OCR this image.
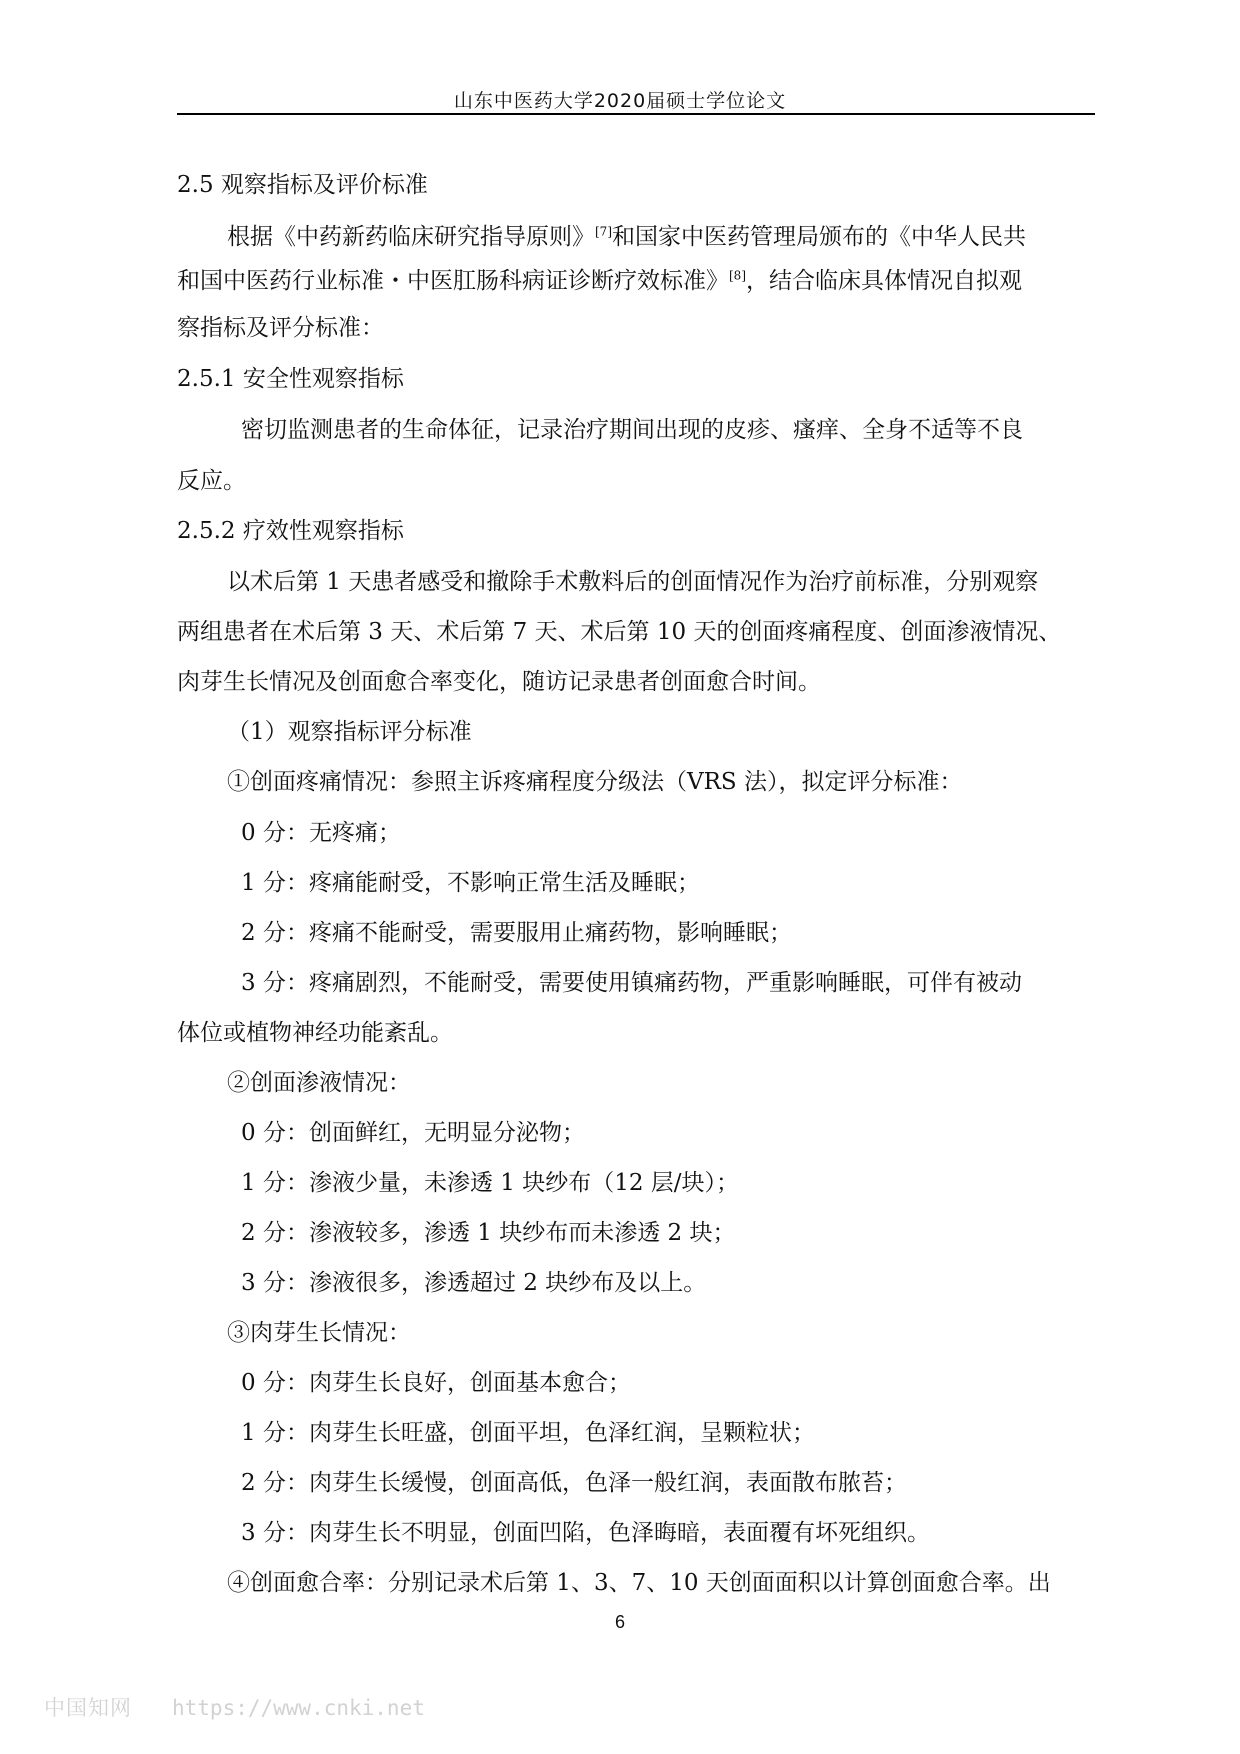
山东中医药大学2020届硕士学位论文
2.5 观察指标及评价标准
根据《中药新药临床研究指导原则》[7]和国家中医药管理局颁布的《中华人民共
和国中医药行业标准・中医肛肠科病证诊断疗效标准》[8]，结合临床具体情况自拟观
察指标及评分标准：
2.5.1 安全性观察指标
密切监测患者的生命体征，记录治疗期间出现的皮疹、瘙痒、全身不适等不良
反应。
2.5.2 疗效性观察指标
以术后第 1 天患者感受和撤除手术敷料后的创面情况作为治疗前标准，分别观察
两组患者在术后第 3 天、术后第 7 天、术后第 10 天的创面疼痛程度、创面渗液情况、
肉芽生长情况及创面愈合率变化，随访记录患者创面愈合时间。
（1）观察指标评分标准
①创面疼痛情况：参照主诉疼痛程度分级法（VRS 法），拟定评分标准：
0 分：无疼痛；
1 分：疼痛能耐受，不影响正常生活及睡眠；
2 分：疼痛不能耐受，需要服用止痛药物，影响睡眠；
3 分：疼痛剧烈，不能耐受，需要使用镇痛药物，严重影响睡眠，可伴有被动
体位或植物神经功能紊乱。
②创面渗液情况：
0 分：创面鲜红，无明显分泌物；
1 分：渗液少量，未渗透 1 块纱布（12 层/块）；
2 分：渗液较多，渗透 1 块纱布而未渗透 2 块；
3 分：渗液很多，渗透超过 2 块纱布及以上。
③肉芽生长情况：
0 分：肉芽生长良好，创面基本愈合；
1 分：肉芽生长旺盛，创面平坦，色泽红润，呈颗粒状；
2 分：肉芽生长缓慢，创面高低，色泽一般红润，表面散布脓苔；
3 分：肉芽生长不明显，创面凹陷，色泽晦暗，表面覆有坏死组织。
④创面愈合率：分别记录术后第 1、3、7、10 天创面面积以计算创面愈合率。出
6
中国知网 https://www.cnki.net
